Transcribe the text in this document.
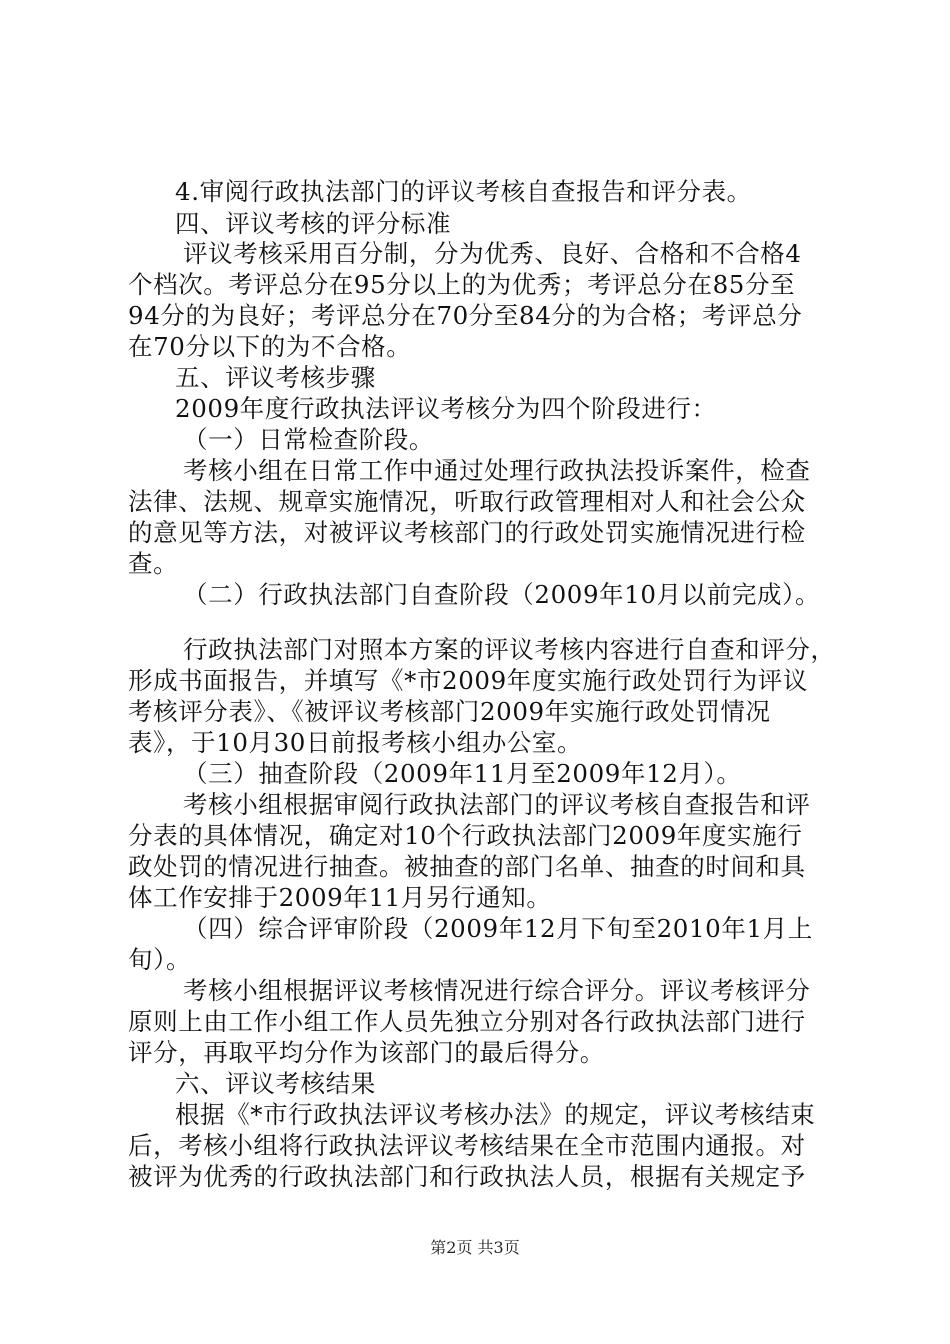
4.审阅行政执法部门的评议考核自查报告和评分表。
四、评议考核的评分标准
评议考核采用百分制，分为优秀、良好、合格和不合格4
个档次。考评总分在95分以上的为优秀；考评总分在85分至
94分的为良好；考评总分在70分至84分的为合格；考评总分
在70分以下的为不合格。
五、评议考核步骤
2009年度行政执法评议考核分为四个阶段进行：
（一）日常检查阶段。
考核小组在日常工作中通过处理行政执法投诉案件，检查
法律、法规、规章实施情况，听取行政管理相对人和社会公众
的意见等方法，对被评议考核部门的行政处罚实施情况进行检
查。
（二）行政执法部门自查阶段（2009年10月以前完成）。
行政执法部门对照本方案的评议考核内容进行自查和评分，
形成书面报告，并填写《*市2009年度实施行政处罚行为评议
考核评分表》、《被评议考核部门2009年实施行政处罚情况
表》，于10月30日前报考核小组办公室。
（三）抽查阶段（2009年11月至2009年12月）。
考核小组根据审阅行政执法部门的评议考核自查报告和评
分表的具体情况，确定对10个行政执法部门2009年度实施行
政处罚的情况进行抽查。被抽查的部门名单、抽查的时间和具
体工作安排于2009年11月另行通知。
（四）综合评审阶段（2009年12月下旬至2010年1月上
旬）。
考核小组根据评议考核情况进行综合评分。评议考核评分
原则上由工作小组工作人员先独立分别对各行政执法部门进行
评分，再取平均分作为该部门的最后得分。
六、评议考核结果
根据《*市行政执法评议考核办法》的规定，评议考核结束
后，考核小组将行政执法评议考核结果在全市范围内通报。对
被评为优秀的行政执法部门和行政执法人员，根据有关规定予
第2页 共3页
